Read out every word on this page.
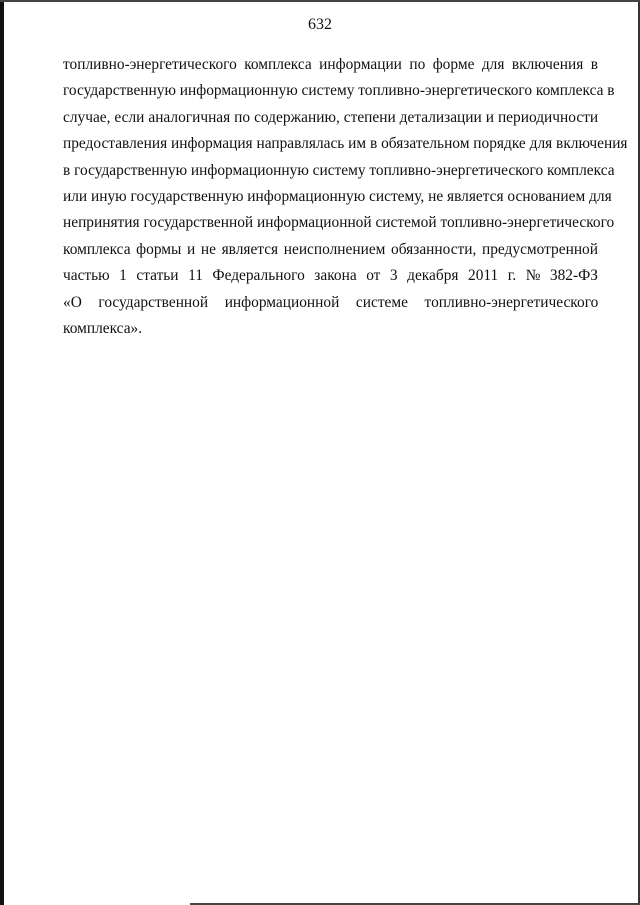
632
топливно-энергетического комплекса информации по форме для включения в
государственную информационную систему топливно-энергетического комплекса в
случае, если аналогичная по содержанию, степени детализации и периодичности
предоставления информация направлялась им в обязательном порядке для включения
в государственную информационную систему топливно-энергетического комплекса
или иную государственную информационную систему, не является основанием для
непринятия государственной информационной системой топливно-энергетического
комплекса формы и не является неисполнением обязанности, предусмотренной
частью 1 статьи 11 Федерального закона от 3 декабря 2011 г. № 382-ФЗ
«О государственной информационной системе топливно-энергетического
комплекса».
